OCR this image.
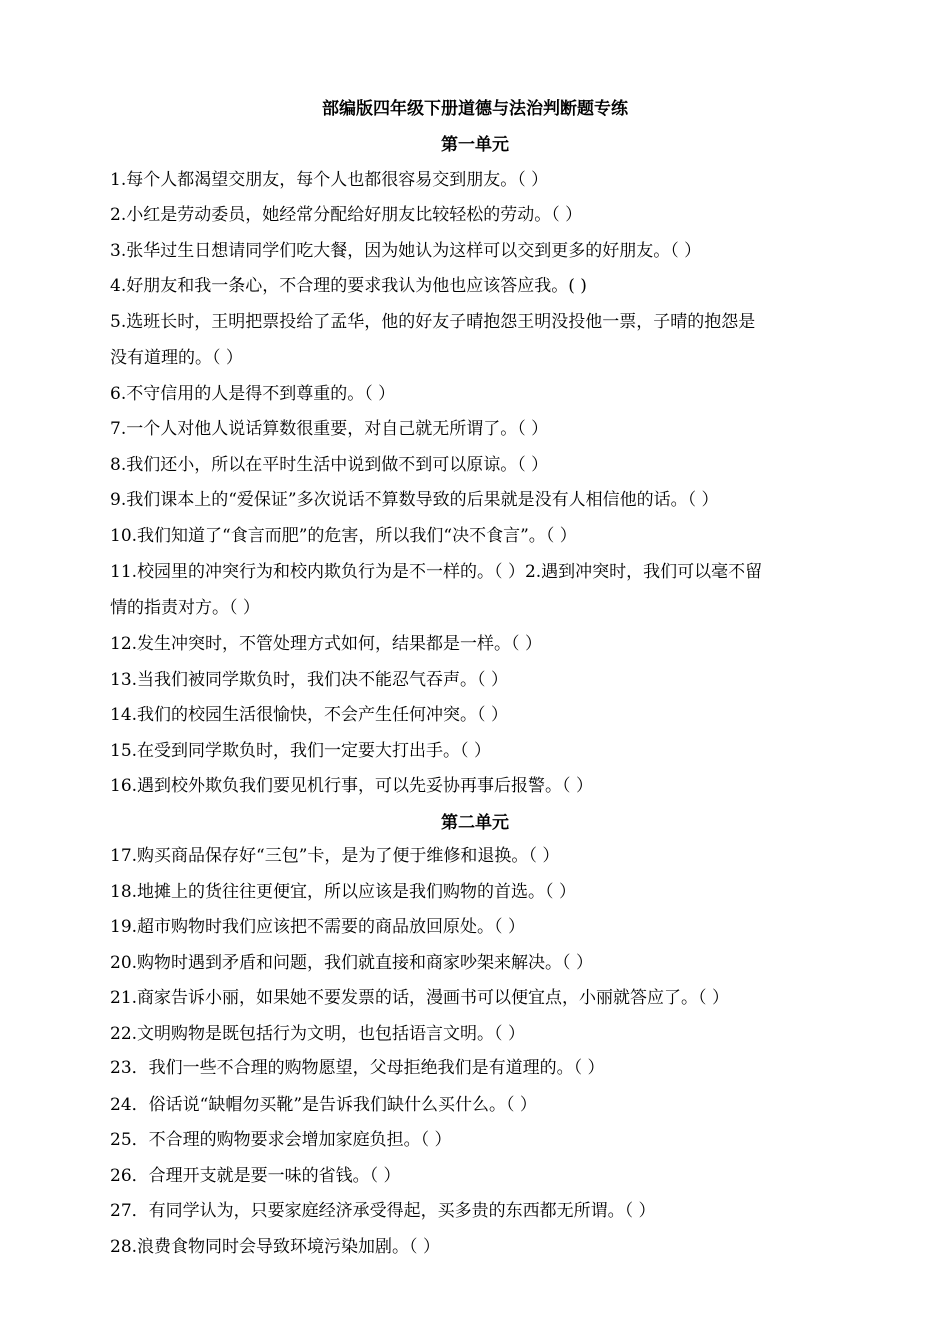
部编版四年级下册道德与法治判断题专练
第一单元
1.每个人都渴望交朋友，每个人也都很容易交到朋友。（ ）
2.小红是劳动委员，她经常分配给好朋友比较轻松的劳动。（ ）
3.张华过生日想请同学们吃大餐，因为她认为这样可以交到更多的好朋友。（ ）
4.好朋友和我一条心，不合理的要求我认为他也应该答应我。( )
5.选班长时，王明把票投给了孟华，他的好友子晴抱怨王明没投他一票，子晴的抱怨是
没有道理的。（ ）
6.不守信用的人是得不到尊重的。（ ）
7.一个人对他人说话算数很重要，对自己就无所谓了。（ ）
8.我们还小，所以在平时生活中说到做不到可以原谅。（ ）
9.我们课本上的“爱保证”多次说话不算数导致的后果就是没有人相信他的话。（ ）
10.我们知道了“食言而肥”的危害，所以我们“决不食言”。（ ）
11.校园里的冲突行为和校内欺负行为是不一样的。（ ）2.遇到冲突时，我们可以毫不留
情的指责对方。（ ）
12.发生冲突时，不管处理方式如何，结果都是一样。（ ）
13.当我们被同学欺负时，我们决不能忍气吞声。（ ）
14.我们的校园生活很愉快，不会产生任何冲突。（ ）
15.在受到同学欺负时，我们一定要大打出手。（ ）
16.遇到校外欺负我们要见机行事，可以先妥协再事后报警。（ ）
第二单元
17.购买商品保存好“三包”卡，是为了便于维修和退换。（ ）
18.地摊上的货往往更便宜，所以应该是我们购物的首选。（ ）
19.超市购物时我们应该把不需要的商品放回原处。（ ）
20.购物时遇到矛盾和问题，我们就直接和商家吵架来解决。（ ）
21.商家告诉小丽，如果她不要发票的话，漫画书可以便宜点，小丽就答应了。（ ）
22.文明购物是既包括行为文明，也包括语言文明。（ ）
23．我们一些不合理的购物愿望，父母拒绝我们是有道理的。（ ）
24．俗话说“缺帽勿买靴”是告诉我们缺什么买什么。（ ）
25．不合理的购物要求会增加家庭负担。（ ）
26．合理开支就是要一味的省钱。（ ）
27．有同学认为，只要家庭经济承受得起，买多贵的东西都无所谓。（ ）
28.浪费食物同时会导致环境污染加剧。（ ）
